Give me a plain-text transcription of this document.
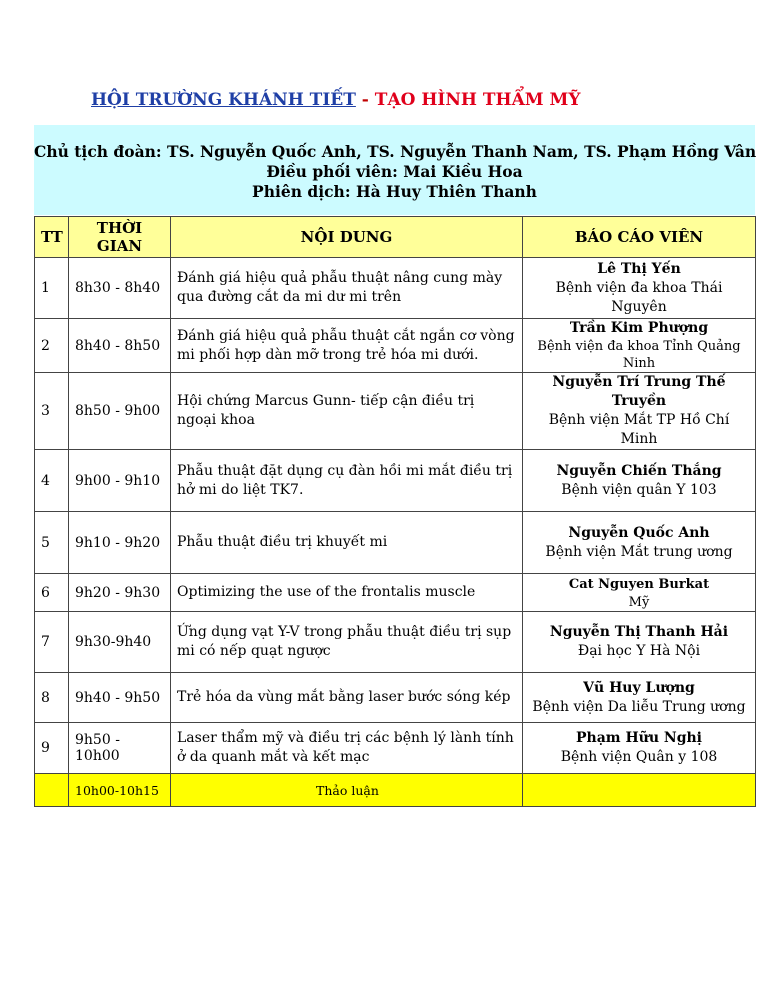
HỘI TRƯỜNG KHÁNH TIẾT - TẠO HÌNH THẨM MỸ
Chủ tịch đoàn: TS. Nguyễn Quốc Anh, TS. Nguyễn Thanh Nam, TS. Phạm Hồng Vân
Điều phối viên: Mai Kiều Hoa
Phiên dịch: Hà Huy Thiên Thanh
TT	THỜI
GIAN	NỘI DUNG	BÁO CÁO VIÊN
1	8h30 - 8h40	Đánh giá hiệu quả phẫu thuật nâng cung mày qua đường cắt da mi dư mi trên	Lê Thị Yến
Bệnh viện đa khoa Thái Nguyên

2	8h40 - 8h50	Đánh giá hiệu quả phẫu thuật cắt ngắn cơ vòng mi phối hợp dàn mỡ trong trẻ hóa mi dưới.	Trần Kim Phượng
Bệnh viện đa khoa Tỉnh Quảng Ninh

3	8h50 - 9h00	Hội chứng Marcus Gunn- tiếp cận điều trị ngoại khoa	Nguyễn Trí Trung Thế Truyền
Bệnh viện Mắt TP Hồ Chí Minh

4	9h00 - 9h10	Phẫu thuật đặt dụng cụ đàn hồi mi mắt điều trị hở mi do liệt TK7.	Nguyễn Chiến Thắng
Bệnh viện quân Y 103

5	9h10 - 9h20	Phẫu thuật điều trị khuyết mi	Nguyễn Quốc Anh
Bệnh viện Mắt trung ương

6	9h20 - 9h30	Optimizing the use of the frontalis muscle	Cat Nguyen Burkat
Mỹ

7	9h30-9h40	Ứng dụng vạt Y-V trong phẫu thuật điều trị sụp mi có nếp quạt ngược	Nguyễn Thị Thanh Hải
Đại học Y Hà Nội

8	9h40 - 9h50	Trẻ hóa da vùng mắt bằng laser bước sóng kép	Vũ Huy Lượng
Bệnh viện Da liễu Trung ương

9	9h50 - 10h00	Laser thẩm mỹ và điều trị các bệnh lý lành tính ở da quanh mắt và kết mạc	Phạm Hữu Nghị
Bệnh viện Quân y 108

	10h00-10h15	Thảo luận	
